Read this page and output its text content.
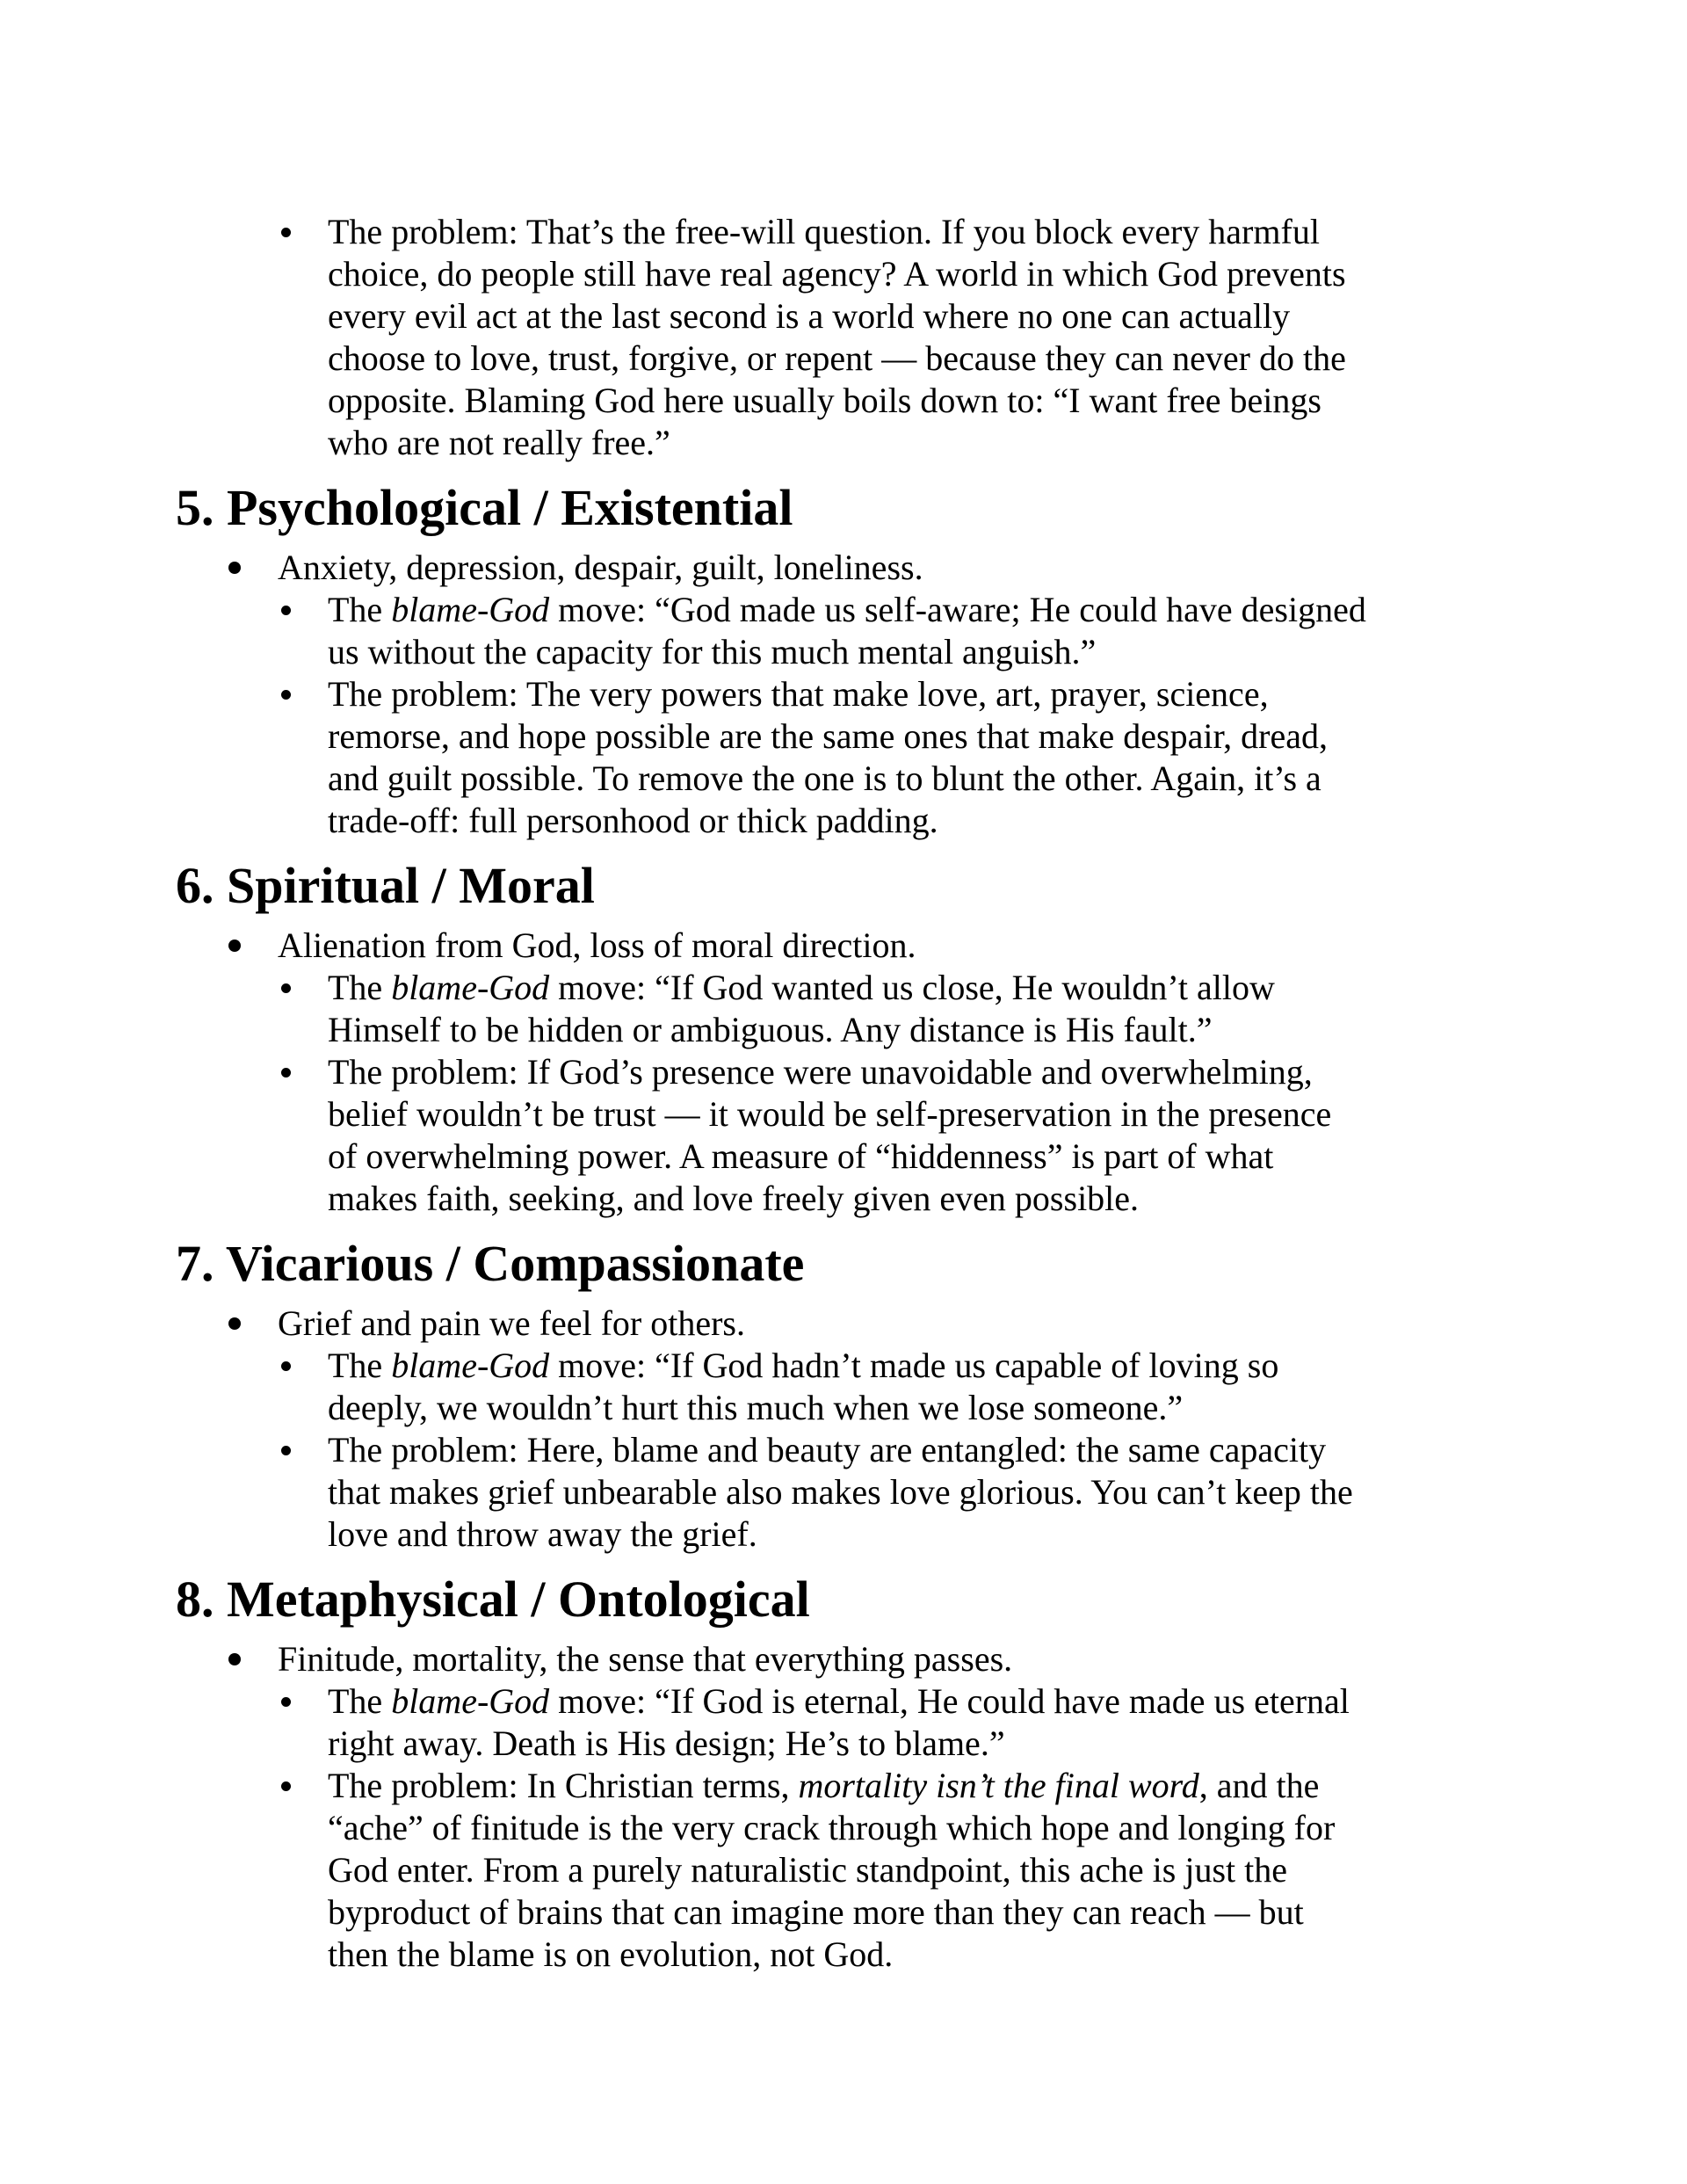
The problem: That’s the free-will question. If you block every harmful
choice, do people still have real agency? A world in which God prevents
every evil act at the last second is a world where no one can actually
choose to love, trust, forgive, or repent — because they can never do the
opposite. Blaming God here usually boils down to: “I want free beings
who are not really free.”
5. Psychological / Existential
Anxiety, depression, despair, guilt, loneliness.
The blame-God move: “God made us self-aware; He could have designed
us without the capacity for this much mental anguish.”
The problem: The very powers that make love, art, prayer, science,
remorse, and hope possible are the same ones that make despair, dread,
and guilt possible. To remove the one is to blunt the other. Again, it’s a
trade-off: full personhood or thick padding.
6. Spiritual / Moral
Alienation from God, loss of moral direction.
The blame-God move: “If God wanted us close, He wouldn’t allow
Himself to be hidden or ambiguous. Any distance is His fault.”
The problem: If God’s presence were unavoidable and overwhelming,
belief wouldn’t be trust — it would be self-preservation in the presence
of overwhelming power. A measure of “hiddenness” is part of what
makes faith, seeking, and love freely given even possible.
7. Vicarious / Compassionate
Grief and pain we feel for others.
The blame-God move: “If God hadn’t made us capable of loving so
deeply, we wouldn’t hurt this much when we lose someone.”
The problem: Here, blame and beauty are entangled: the same capacity
that makes grief unbearable also makes love glorious. You can’t keep the
love and throw away the grief.
8. Metaphysical / Ontological
Finitude, mortality, the sense that everything passes.
The blame-God move: “If God is eternal, He could have made us eternal
right away. Death is His design; He’s to blame.”
The problem: In Christian terms, mortality isn’t the final word, and the
“ache” of finitude is the very crack through which hope and longing for
God enter. From a purely naturalistic standpoint, this ache is just the
byproduct of brains that can imagine more than they can reach — but
then the blame is on evolution, not God.
